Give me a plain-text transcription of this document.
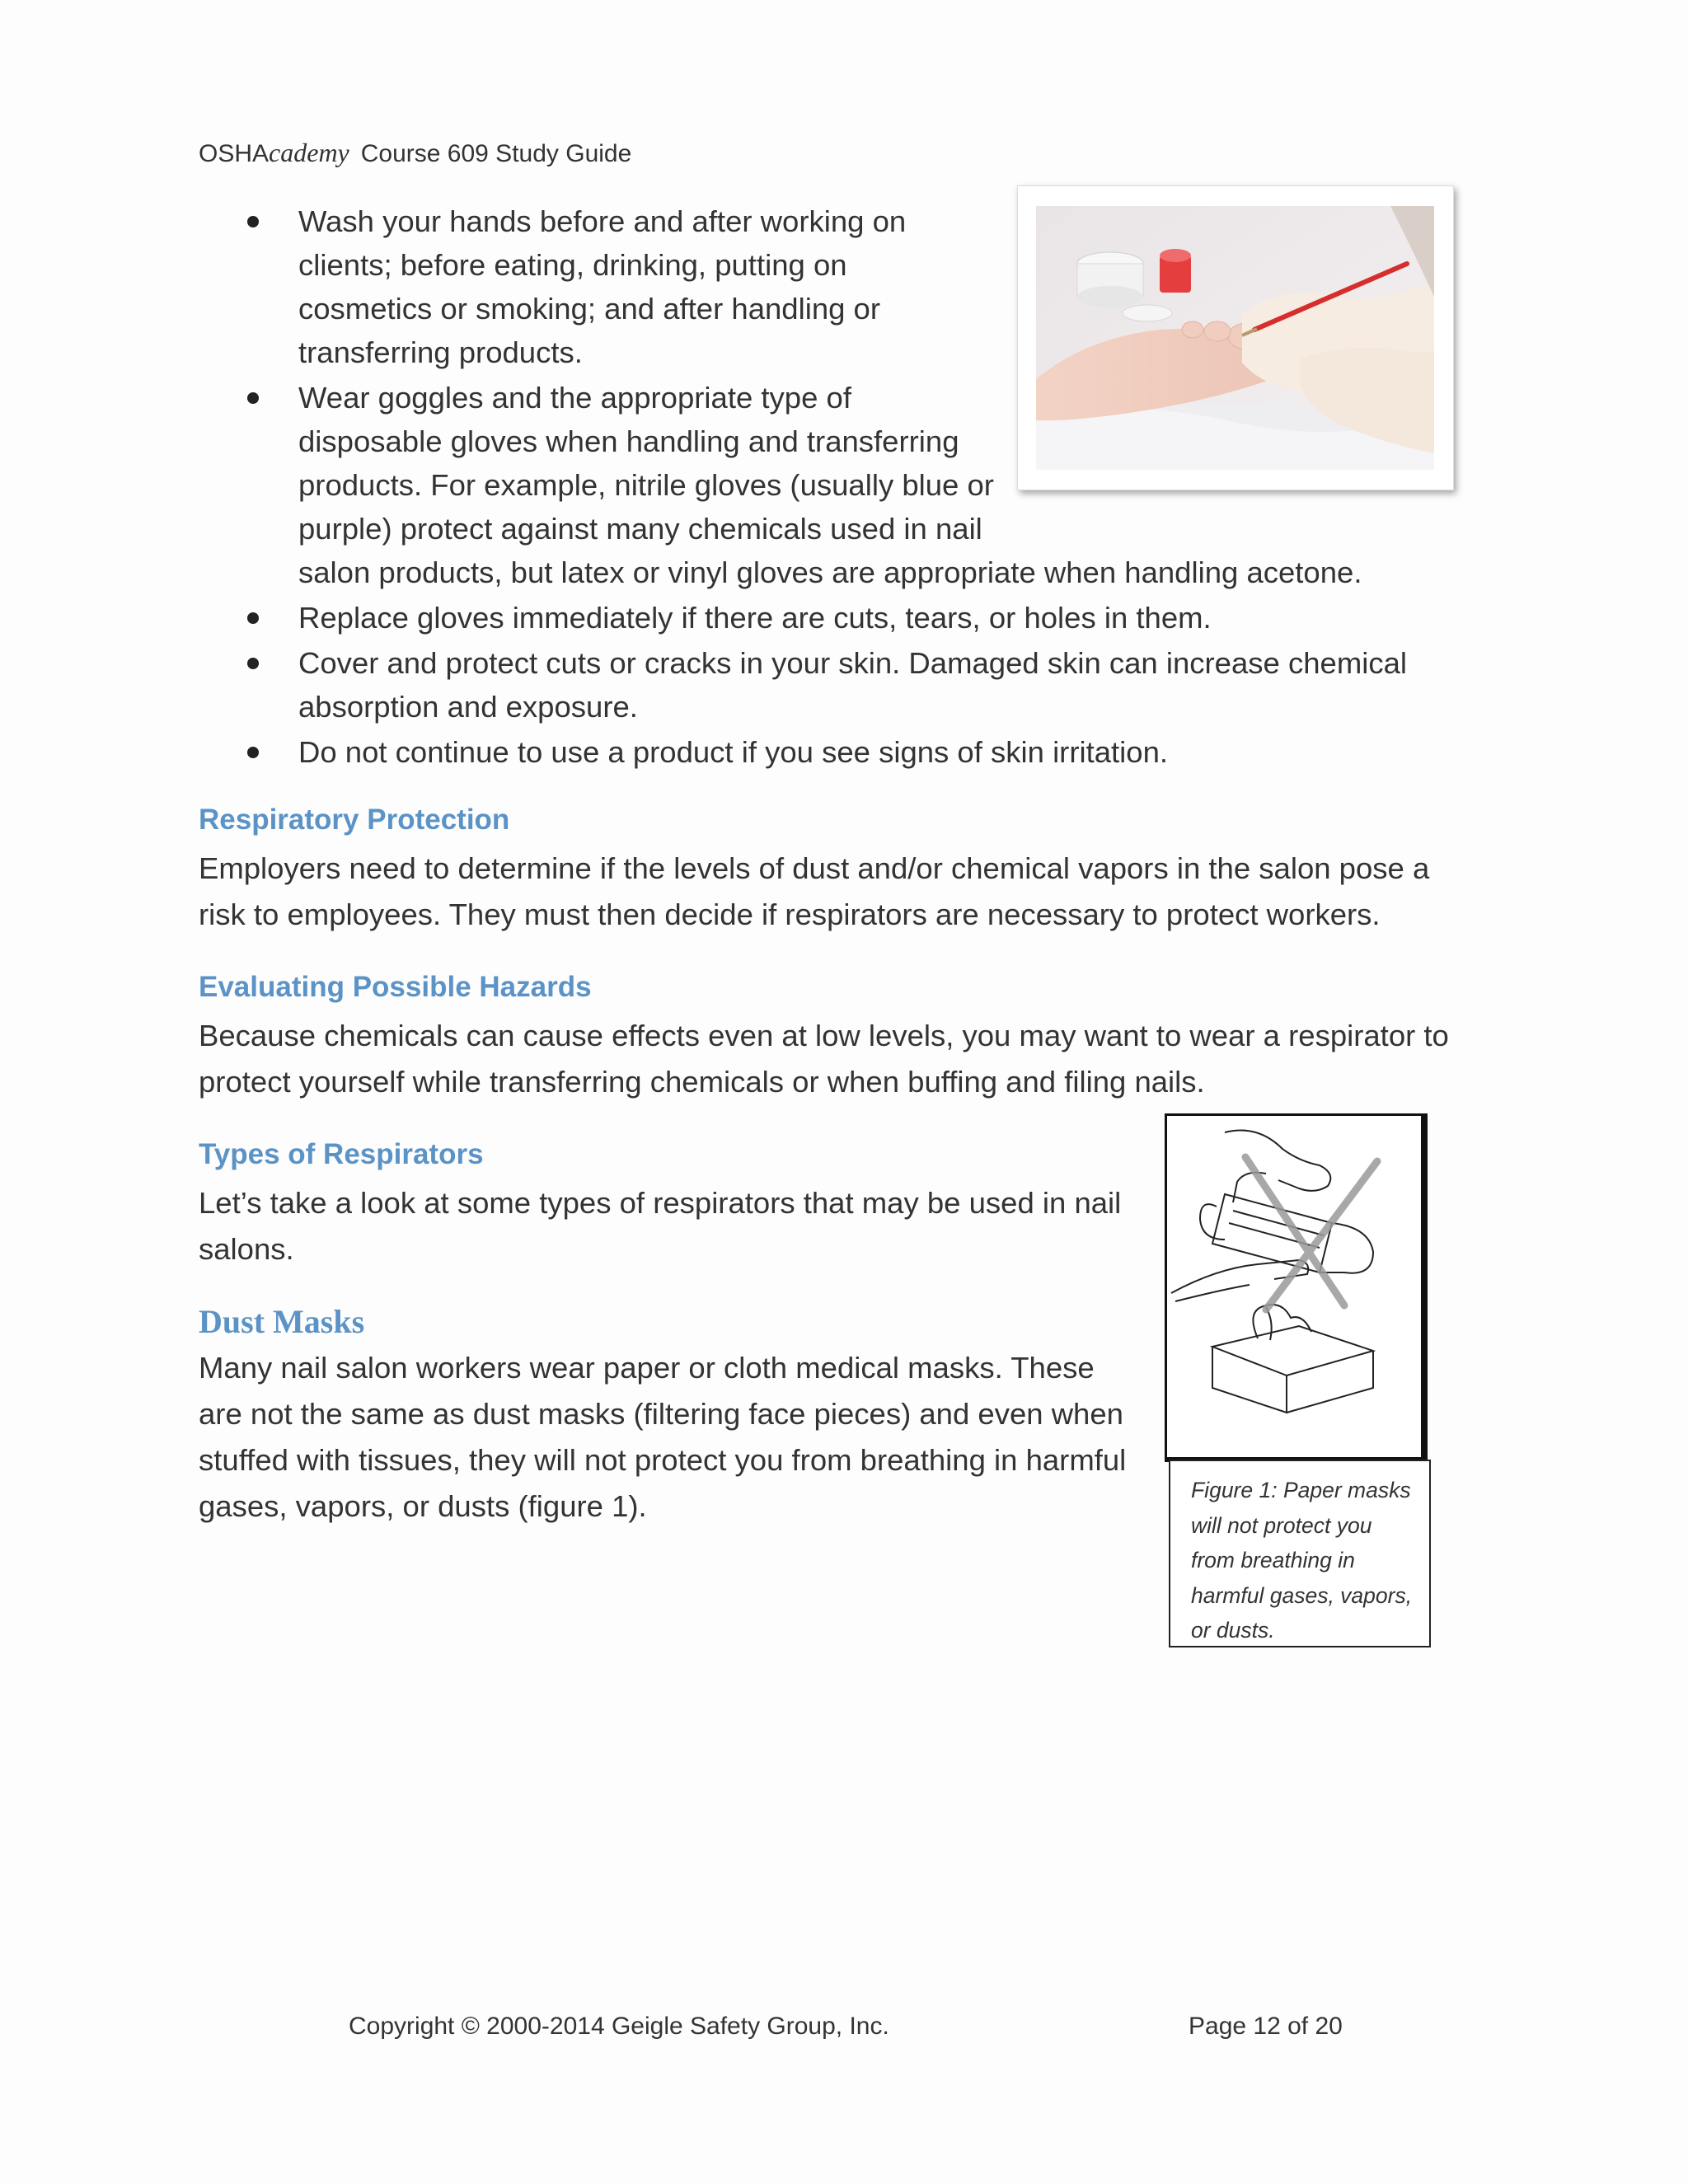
OSHAcademy Course 609 Study Guide
Wash your hands before and after working on clients; before eating, drinking, putting on cosmetics or smoking; and after handling or transferring products.
Wear goggles and the appropriate type of disposable gloves when handling and transferring products. For example, nitrile gloves (usually blue or purple) protect against many chemicals used in nail salon products, but latex or vinyl gloves are appropriate when handling acetone.
Replace gloves immediately if there are cuts, tears, or holes in them.
Cover and protect cuts or cracks in your skin. Damaged skin can increase chemical absorption and exposure.
Do not continue to use a product if you see signs of skin irritation.
Respiratory Protection
Employers need to determine if the levels of dust and/or chemical vapors in the salon pose a risk to employees. They must then decide if respirators are necessary to protect workers.
Evaluating Possible Hazards
Because chemicals can cause effects even at low levels, you may want to wear a respirator to protect yourself while transferring chemicals or when buffing and filing nails.
Types of Respirators
Let’s take a look at some types of respirators that may be used in nail salons.
Dust Masks
Many nail salon workers wear paper or cloth medical masks. These are not the same as dust masks (filtering face pieces) and even when stuffed with tissues, they will not protect you from breathing in harmful gases, vapors, or dusts (figure 1).	Figure 1: Paper masks will not protect you from breathing in harmful gases, vapors, or dusts.
Copyright © 2000-2014 Geigle Safety Group, Inc.	Page 12 of 20
